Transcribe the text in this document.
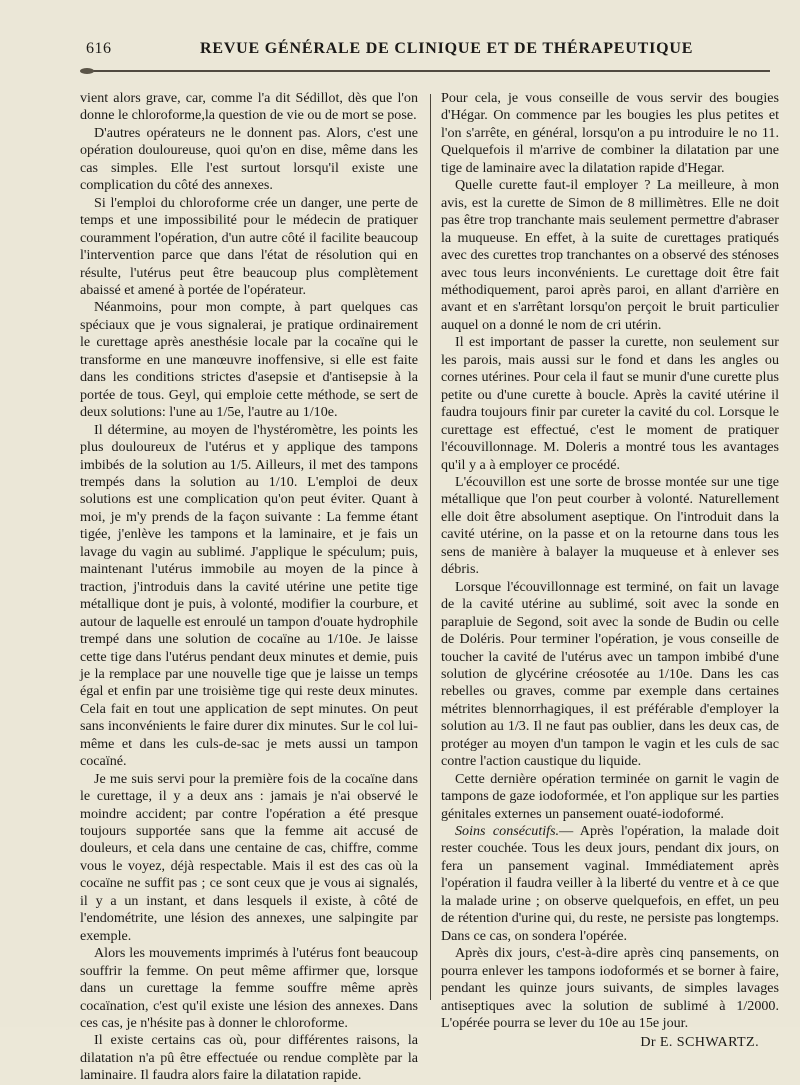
616	REVUE GÉNÉRALE DE CLINIQUE ET DE THÉRAPEUTIQUE

vient alors grave, car, comme l'a dit Sédillot, dès que l'on donne le chloroforme,la question de vie ou de mort se pose.

D'autres opérateurs ne le donnent pas. Alors, c'est une opération douloureuse, quoi qu'on en dise, même dans les cas simples. Elle l'est surtout lorsqu'il existe une complication du côté des annexes.

Si l'emploi du chloroforme crée un danger, une perte de temps et une impossibilité pour le médecin de pratiquer couramment l'opération, d'un autre côté il facilite beaucoup l'intervention parce que dans l'état de résolution qui en résulte, l'utérus peut être beaucoup plus complètement abaissé et amené à portée de l'opérateur.

Néanmoins, pour mon compte, à part quelques cas spéciaux que je vous signalerai, je pratique ordinairement le curettage après anesthésie locale par la cocaïne qui le transforme en une manœuvre inoffensive, si elle est faite dans les conditions strictes d'asepsie et d'antisepsie à la portée de tous. Geyl, qui emploie cette méthode, se sert de deux solutions: l'une au 1/5e, l'autre au 1/10e.

Il détermine, au moyen de l'hystéromètre, les points les plus douloureux de l'utérus et y applique des tampons imbibés de la solution au 1/5. Ailleurs, il met des tampons trempés dans la solution au 1/10. L'emploi de deux solutions est une complication qu'on peut éviter. Quant à moi, je m'y prends de la façon suivante : La femme étant tigée, j'enlève les tampons et la laminaire, et je fais un lavage du vagin au sublimé. J'applique le spéculum; puis, maintenant l'utérus immobile au moyen de la pince à traction, j'introduis dans la cavité utérine une petite tige métallique dont je puis, à volonté, modifier la courbure, et autour de laquelle est enroulé un tampon d'ouate hydrophile trempé dans une solution de cocaïne au 1/10e. Je laisse cette tige dans l'utérus pendant deux minutes et demie, puis je la remplace par une nouvelle tige que je laisse un temps égal et enfin par une troisième tige qui reste deux minutes. Cela fait en tout une application de sept minutes. On peut sans inconvénients le faire durer dix minutes. Sur le col lui-même et dans les culs-de-sac je mets aussi un tampon cocaïné.

Je me suis servi pour la première fois de la cocaïne dans le curettage, il y a deux ans : jamais je n'ai observé le moindre accident; par contre l'opération a été presque toujours supportée sans que la femme ait accusé de douleurs, et cela dans une centaine de cas, chiffre, comme vous le voyez, déjà respectable. Mais il est des cas où la cocaïne ne suffit pas ; ce sont ceux que je vous ai signalés, il y a un instant, et dans lesquels il existe, à côté de l'endométrite, une lésion des annexes, une salpingite par exemple.

Alors les mouvements imprimés à l'utérus font beaucoup souffrir la femme. On peut même affirmer que, lorsque dans un curettage la femme souffre même après cocaïnation, c'est qu'il existe une lésion des annexes. Dans ces cas, je n'hésite pas à donner le chloroforme.

Il existe certains cas où, pour différentes raisons, la dilatation n'a pû être effectuée ou rendue complète par la laminaire. Il faudra alors faire la dilatation rapide.

Pour cela, je vous conseille de vous servir des bougies d'Hégar. On commence par les bougies les plus petites et l'on s'arrête, en général, lorsqu'on a pu introduire le no 11. Quelquefois il m'arrive de combiner la dilatation par une tige de laminaire avec la dilatation rapide d'Hegar.

Quelle curette faut-il employer ? La meilleure, à mon avis, est la curette de Simon de 8 millimètres. Elle ne doit pas être trop tranchante mais seulement permettre d'abraser la muqueuse. En effet, à la suite de curettages pratiqués avec des curettes trop tranchantes on a observé des sténoses avec tous leurs inconvénients. Le curettage doit être fait méthodiquement, paroi après paroi, en allant d'arrière en avant et en s'arrêtant lorsqu'on perçoit le bruit particulier auquel on a donné le nom de cri utérin.

Il est important de passer la curette, non seulement sur les parois, mais aussi sur le fond et dans les angles ou cornes utérines. Pour cela il faut se munir d'une curette plus petite ou d'une curette à boucle. Après la cavité utérine il faudra toujours finir par cureter la cavité du col. Lorsque le curettage est effectué, c'est le moment de pratiquer l'écouvillonnage. M. Doleris a montré tous les avantages qu'il y a à employer ce procédé.

L'écouvillon est une sorte de brosse montée sur une tige métallique que l'on peut courber à volonté. Naturellement elle doit être absolument aseptique. On l'introduit dans la cavité utérine, on la passe et on la retourne dans tous les sens de manière à balayer la muqueuse et à enlever ses débris.

Lorsque l'écouvillonnage est terminé, on fait un lavage de la cavité utérine au sublimé, soit avec la sonde en parapluie de Segond, soit avec la sonde de Budin ou celle de Doléris. Pour terminer l'opération, je vous conseille de toucher la cavité de l'utérus avec un tampon imbibé d'une solution de glycérine créosotée au 1/10e. Dans les cas rebelles ou graves, comme par exemple dans certaines métrites blennorrhagiques, il est préférable d'employer la solution au 1/3. Il ne faut pas oublier, dans les deux cas, de protéger au moyen d'un tampon le vagin et les culs de sac contre l'action caustique du liquide.

Cette dernière opération terminée on garnit le vagin de tampons de gaze iodoformée, et l'on applique sur les parties génitales externes un pansement ouaté-iodoformé.

Soins consécutifs.— Après l'opération, la malade doit rester couchée. Tous les deux jours, pendant dix jours, on fera un pansement vaginal. Immédiatement après l'opération il faudra veiller à la liberté du ventre et à ce que la malade urine ; on observe quelquefois, en effet, un peu de rétention d'urine qui, du reste, ne persiste pas longtemps. Dans ce cas, on sondera l'opérée.

Après dix jours, c'est-à-dire après cinq pansements, on pourra enlever les tampons iodoformés et se borner à faire, pendant les quinze jours suivants, de simples lavages antiseptiques avec la solution de sublimé à 1/2000. L'opérée pourra se lever du 10e au 15e jour.

Dr E. SCHWARTZ.
